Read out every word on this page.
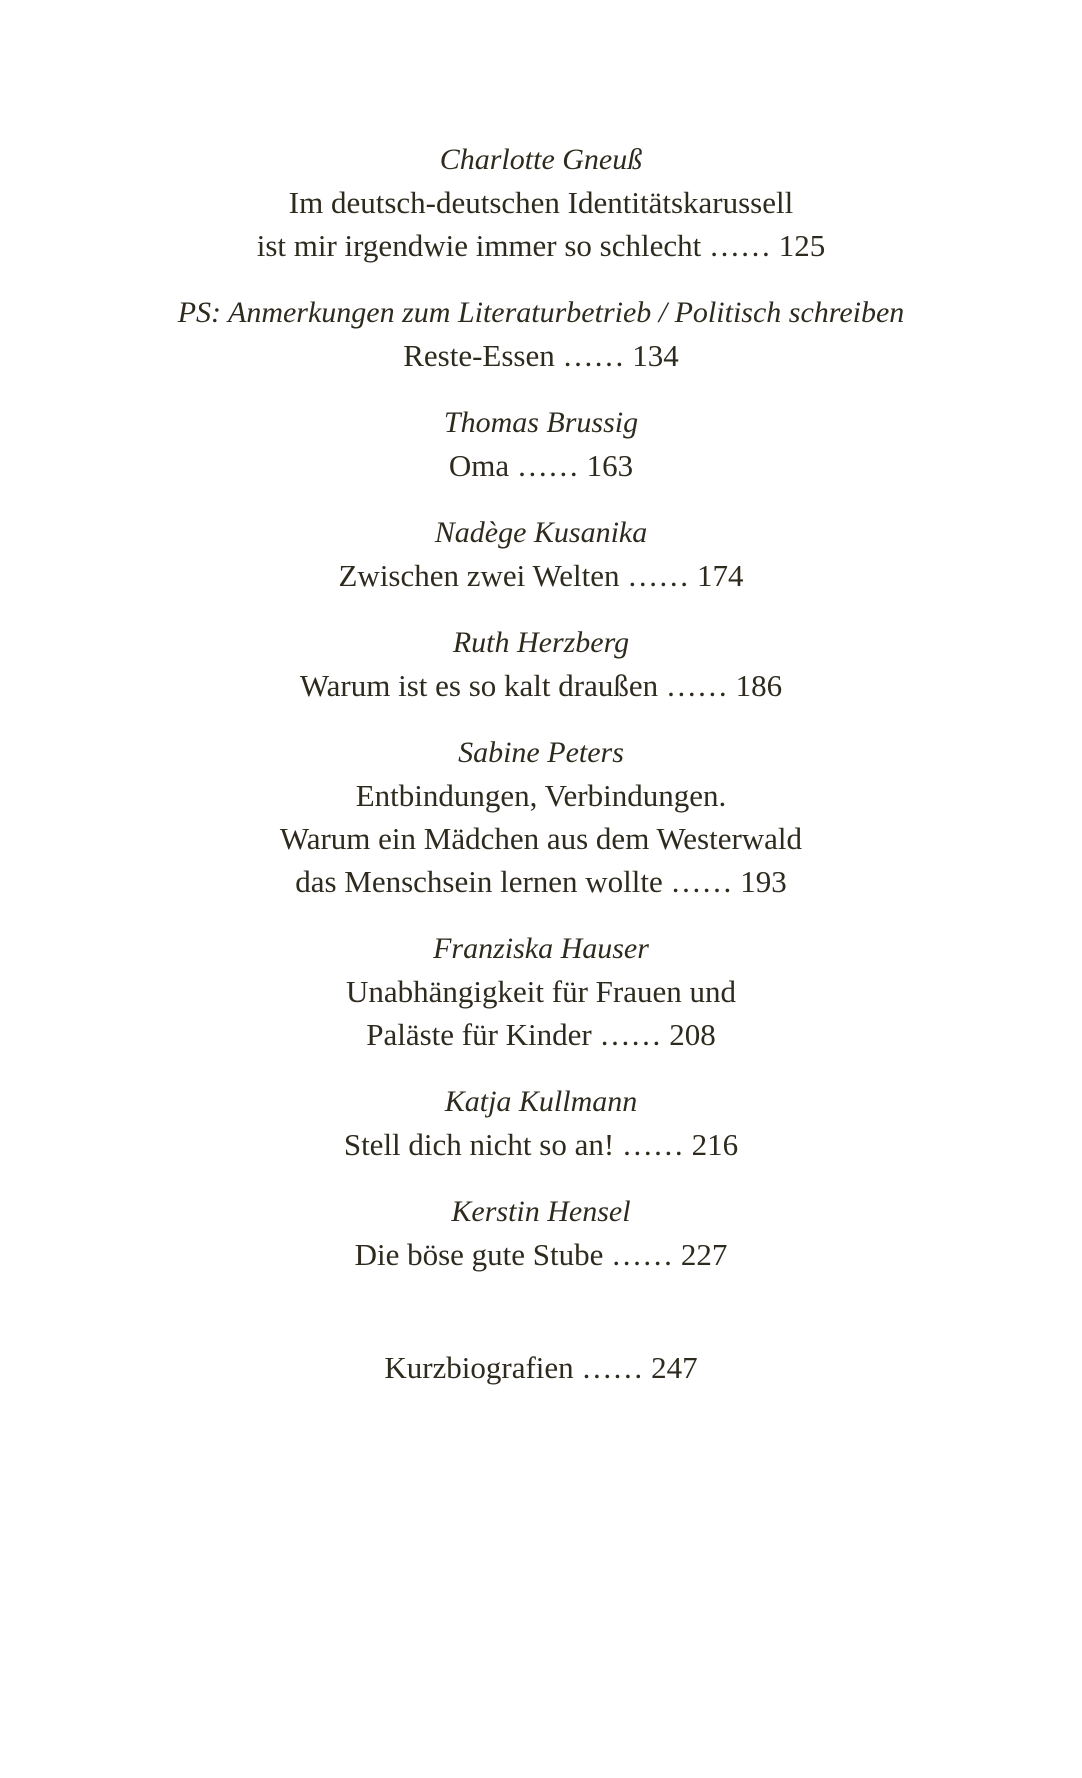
Charlotte Gneuß
Im deutsch-deutschen Identitätskarussell
ist mir irgendwie immer so schlecht …… 125
PS: Anmerkungen zum Literaturbetrieb / Politisch schreiben
Reste-Essen …… 134
Thomas Brussig
Oma …… 163
Nadège Kusanika
Zwischen zwei Welten …… 174
Ruth Herzberg
Warum ist es so kalt draußen …… 186
Sabine Peters
Entbindungen, Verbindungen.
Warum ein Mädchen aus dem Westerwald
das Menschsein lernen wollte …… 193
Franziska Hauser
Unabhängigkeit für Frauen und
Paläste für Kinder …… 208
Katja Kullmann
Stell dich nicht so an! …… 216
Kerstin Hensel
Die böse gute Stube …… 227
Kurzbiografien …… 247
